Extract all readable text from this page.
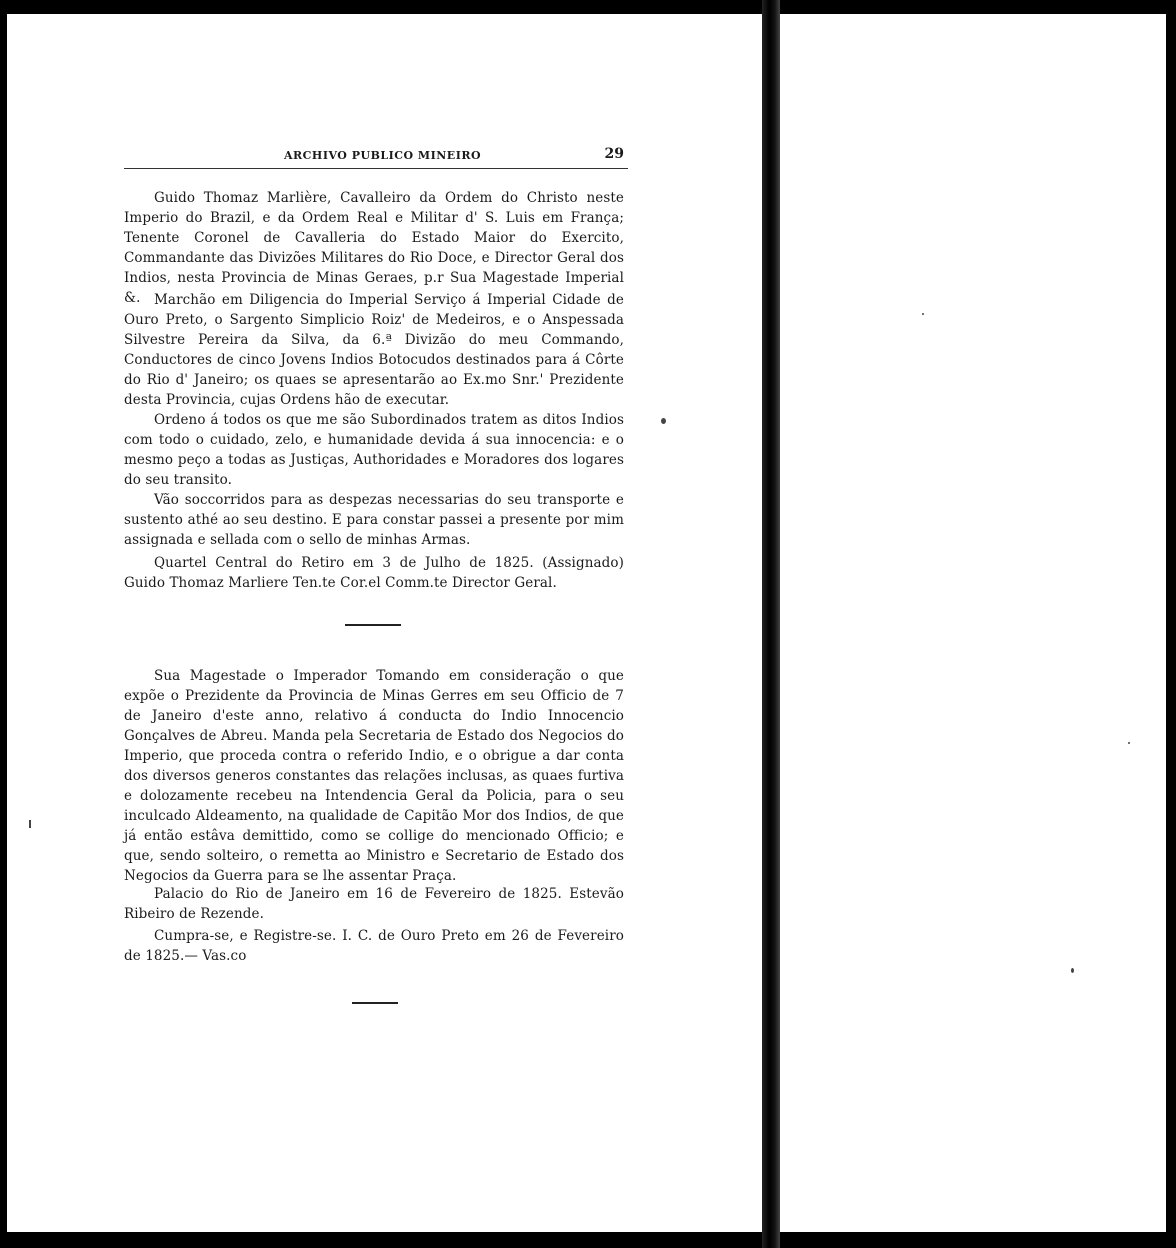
ARCHIVO PUBLICO MINEIRO	29

Guido Thomaz Marlière, Cavalleiro da Ordem do Christo neste Imperio do Brazil, e da Ordem Real e Militar d' S. Luis em França; Tenente Coronel de Cavalleria do Estado Maior do Exercito, Commandante das Divizões Militares do Rio Doce, e Director Geral dos Indios, nesta Provincia de Minas Geraes, p.r Sua Magestade Imperial &. Marchão em Diligencia do Imperial Serviço á Imperial Cidade de Ouro Preto, o Sargento Simplicio Roiz' de Medeiros, e o Anspessada Silvestre Pereira da Silva, da 6.ª Divizão do meu Commando, Conductores de cinco Jovens Indios Botocudos destinados para á Côrte do Rio d' Janeiro; os quaes se apresentarão ao Ex.mo Snr.' Prezidente desta Provincia, cujas Ordens hão de executar.

Ordeno á todos os que me são Subordinados tratem as ditos Indios com todo o cuidado, zelo, e humanidade devida á sua innocencia: e o mesmo peço a todas as Justiças, Authoridades e Moradores dos logares do seu transito.

Vão soccorridos para as despezas necessarias do seu transporte e sustento athé ao seu destino. E para constar passei a presente por mim assignada e sellada com o sello de minhas Armas.

Quartel Central do Retiro em 3 de Julho de 1825. (Assignado) Guido Thomaz Marliere Ten.te Cor.el Comm.te Director Geral.

Sua Magestade o Imperador Tomando em consideração o que expõe o Prezidente da Provincia de Minas Gerres em seu Officio de 7 de Janeiro d'este anno, relativo á conducta do Indio Innocencio Gonçalves de Abreu. Manda pela Secretaria de Estado dos Negocios do Imperio, que proceda contra o referido Indio, e o obrigue a dar conta dos diversos generos constantes das relações inclusas, as quaes furtiva e dolozamente recebeu na Intendencia Geral da Policia, para o seu inculcado Aldeamento, na qualidade de Capitão Mor dos Indios, de que já então estâva demittido, como se collige do mencionado Officio; e que, sendo solteiro, o remetta ao Ministro e Secretario de Estado dos Negocios da Guerra para se lhe assentar Praça.

Palacio do Rio de Janeiro em 16 de Fevereiro de 1825. Estevão Ribeiro de Rezende.

Cumpra-se, e Registre-se. I. C. de Ouro Preto em 26 de Fevereiro de 1825.— Vas.co
